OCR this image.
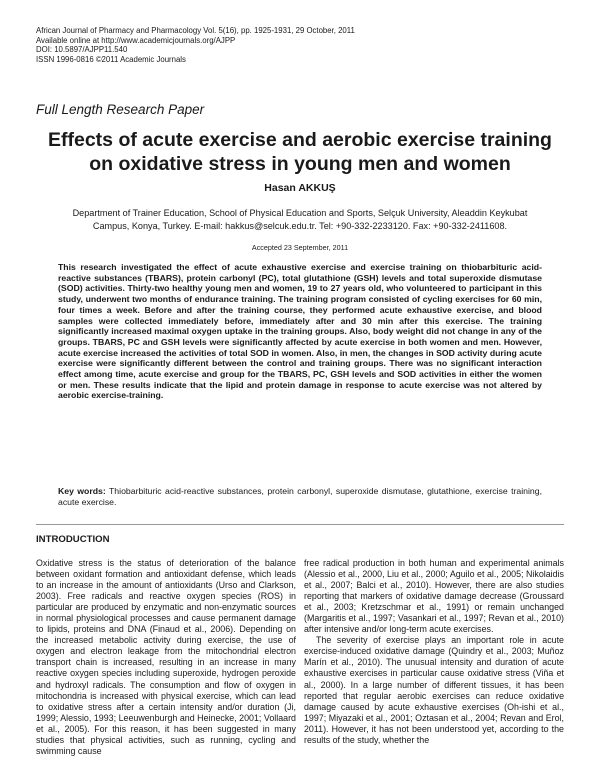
African Journal of Pharmacy and Pharmacology Vol. 5(16), pp. 1925-1931, 29 October, 2011
Available online at http://www.academicjournals.org/AJPP
DOI: 10.5897/AJPP11.540
ISSN 1996-0816 ©2011 Academic Journals
Full Length Research Paper
Effects of acute exercise and aerobic exercise training
on oxidative stress in young men and women
Hasan AKKUŞ
Department of Trainer Education, School of Physical Education and Sports, Selçuk University, Aleaddin Keykubat
Campus, Konya, Turkey. E-mail: hakkus@selcuk.edu.tr. Tel: +90-332-2233120. Fax: +90-332-2411608.
Accepted 23 September, 2011
This research investigated the effect of acute exhaustive exercise and exercise training on thiobarbituric acid-reactive substances (TBARS), protein carbonyl (PC), total glutathione (GSH) levels and total superoxide dismutase (SOD) activities. Thirty-two healthy young men and women, 19 to 27 years old, who volunteered to participant in this study, underwent two months of endurance training. The training program consisted of cycling exercises for 60 min, four times a week. Before and after the training course, they performed acute exhaustive exercise, and blood samples were collected immediately before, immediately after and 30 min after this exercise. The training significantly increased maximal oxygen uptake in the training groups. Also, body weight did not change in any of the groups. TBARS, PC and GSH levels were significantly affected by acute exercise in both women and men. However, acute exercise increased the activities of total SOD in women. Also, in men, the changes in SOD activity during acute exercise were significantly different between the control and training groups. There was no significant interaction effect among time, acute exercise and group for the TBARS, PC, GSH levels and SOD activities in either the women or men. These results indicate that the lipid and protein damage in response to acute exercise was not altered by aerobic exercise-training.
Key words: Thiobarbituric acid-reactive substances, protein carbonyl, superoxide dismutase, glutathione, exercise training, acute exercise.
INTRODUCTION

Oxidative stress is the status of deterioration of the balance between oxidant formation and antioxidant defense, which leads to an increase in the amount of antioxidants (Urso and Clarkson, 2003). Free radicals and reactive oxygen species (ROS) in particular are produced by enzymatic and non-enzymatic sources in normal physiological processes and cause permanent damage to lipids, proteins and DNA (Finaud et al., 2006). Depending on the increased metabolic activity during exercise, the use of oxygen and electron leakage from the mitochondrial electron transport chain is increased, resulting in an increase in many reactive oxygen species including superoxide, hydrogen peroxide and hydroxyl radicals. The consumption and flow of oxygen in mitochondria is increased with physical exercise, which can lead to oxidative stress after a certain intensity and/or duration (Ji, 1999; Alessio, 1993; Leeuwenburgh and Heinecke, 2001; Vollaard et al., 2005). For this reason, it has been suggested in many studies that physical activities, such as running, cycling and swimming cause

free radical production in both human and experimental animals (Alessio et al., 2000, Liu et al., 2000; Aguilo et al., 2005; Nikolaidis et al., 2007; Balci et al., 2010). However, there are also studies reporting that markers of oxidative damage decrease (Groussard et al., 2003; Kretzschmar et al., 1991) or remain unchanged (Margaritis et al., 1997; Vasankari et al., 1997; Revan et al., 2010) after intensive and/or long-term acute exercises.

The severity of exercise plays an important role in acute exercise-induced oxidative damage (Quindry et al., 2003; Muñoz Marín et al., 2010). The unusual intensity and duration of acute exhaustive exercises in particular cause oxidative stress (Viña et al., 2000). In a large number of different tissues, it has been reported that regular aerobic exercises can reduce oxidative damage caused by acute exhaustive exercises (Oh-ishi et al., 1997; Miyazaki et al., 2001; Oztasan et al., 2004; Revan and Erol, 2011). However, it has not been understood yet, according to the results of the study, whether the
